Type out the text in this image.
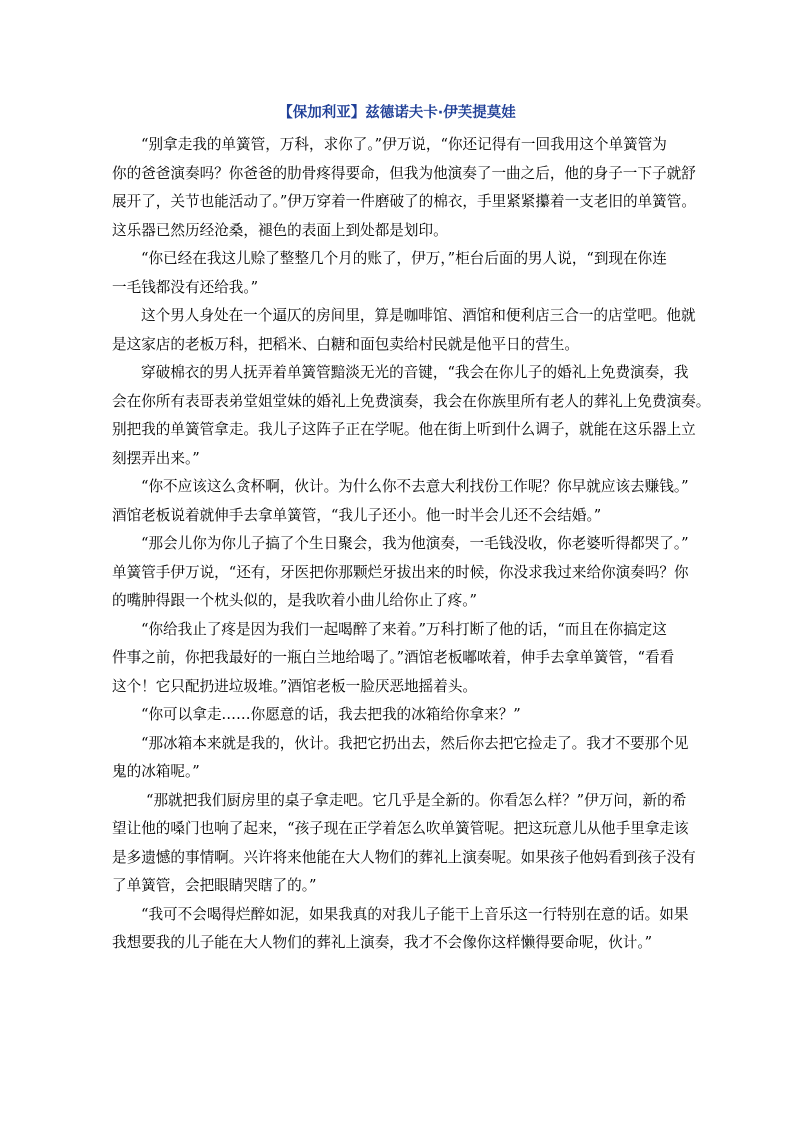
【保加利亚】兹德诺夫卡·伊芙提莫娃
“别拿走我的单簧管，万科，求你了。”伊万说，“你还记得有一回我用这个单簧管为
你的爸爸演奏吗？你爸爸的肋骨疼得要命，但我为他演奏了一曲之后，他的身子一下子就舒
展开了，关节也能活动了。”伊万穿着一件磨破了的棉衣，手里紧紧攥着一支老旧的单簧管。
这乐器已然历经沧桑，褪色的表面上到处都是划印。
“你已经在我这儿赊了整整几个月的账了，伊万，”柜台后面的男人说，“到现在你连
一毛钱都没有还给我。”
这个男人身处在一个逼仄的房间里，算是咖啡馆、酒馆和便利店三合一的店堂吧。他就
是这家店的老板万科，把稻米、白糖和面包卖给村民就是他平日的营生。
穿破棉衣的男人抚弄着单簧管黯淡无光的音键，“我会在你儿子的婚礼上免费演奏，我
会在你所有表哥表弟堂姐堂妹的婚礼上免费演奏，我会在你族里所有老人的葬礼上免费演奏。
别把我的单簧管拿走。我儿子这阵子正在学呢。他在街上听到什么调子，就能在这乐器上立
刻摆弄出来。”
“你不应该这么贪杯啊，伙计。为什么你不去意大利找份工作呢？你早就应该去赚钱。”
酒馆老板说着就伸手去拿单簧管，“我儿子还小。他一时半会儿还不会结婚。”
“那会儿你为你儿子搞了个生日聚会，我为他演奏，一毛钱没收，你老婆听得都哭了。”
单簧管手伊万说，“还有，牙医把你那颗烂牙拔出来的时候，你没求我过来给你演奏吗？你
的嘴肿得跟一个枕头似的，是我吹着小曲儿给你止了疼。”
“你给我止了疼是因为我们一起喝醉了来着。”万科打断了他的话，“而且在你搞定这
件事之前，你把我最好的一瓶白兰地给喝了。”酒馆老板嘟哝着，伸手去拿单簧管，“看看
这个！它只配扔进垃圾堆。”酒馆老板一脸厌恶地摇着头。
“你可以拿走……你愿意的话，我去把我的冰箱给你拿来？”
“那冰箱本来就是我的，伙计。我把它扔出去，然后你去把它捡走了。我才不要那个见
鬼的冰箱呢。”
“那就把我们厨房里的桌子拿走吧。它几乎是全新的。你看怎么样？”伊万问，新的希
望让他的嗓门也响了起来，“孩子现在正学着怎么吹单簧管呢。把这玩意儿从他手里拿走该
是多遗憾的事情啊。兴许将来他能在大人物们的葬礼上演奏呢。如果孩子他妈看到孩子没有
了单簧管，会把眼睛哭瞎了的。”
“我可不会喝得烂醉如泥，如果我真的对我儿子能干上音乐这一行特别在意的话。如果
我想要我的儿子能在大人物们的葬礼上演奏，我才不会像你这样懒得要命呢，伙计。”
